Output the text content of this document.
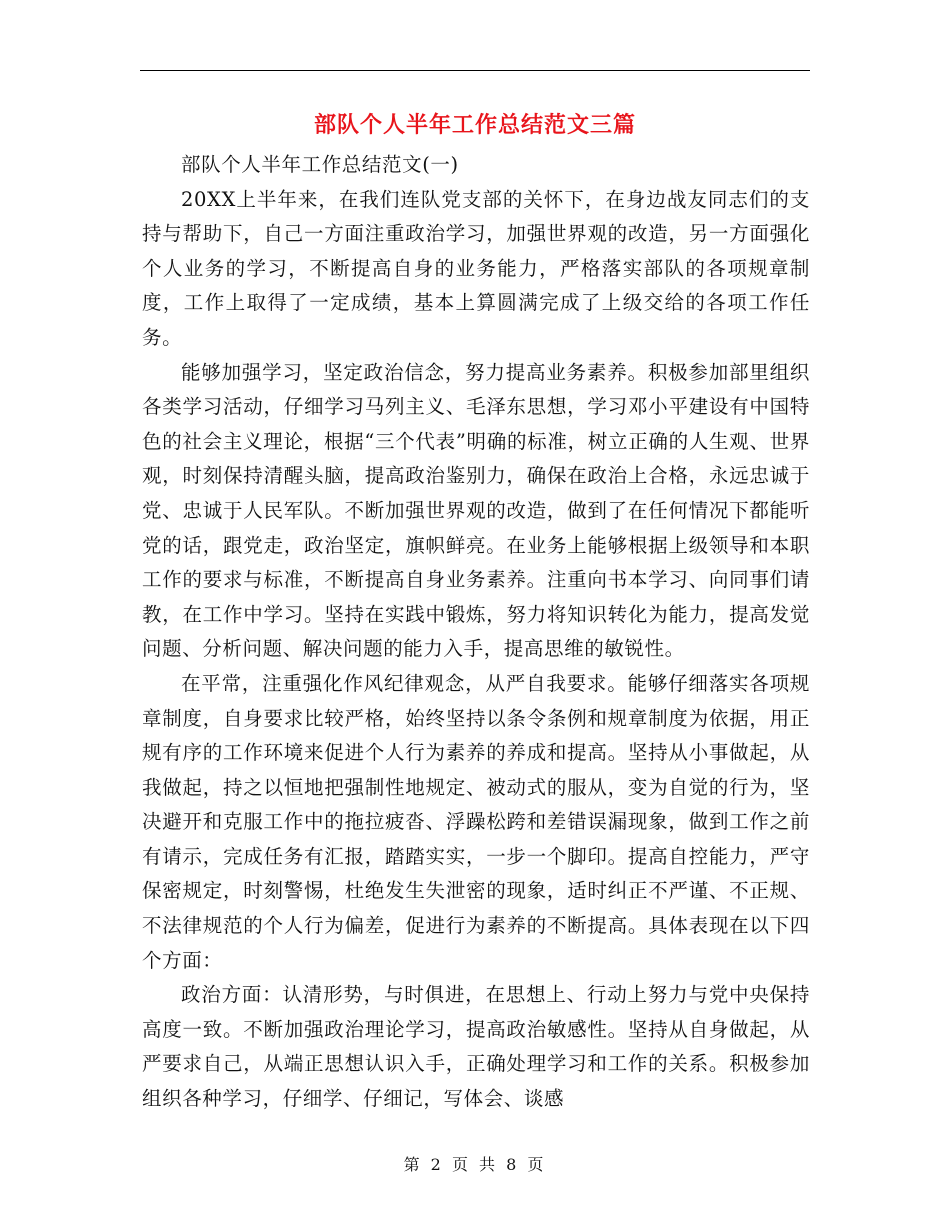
部队个人半年工作总结范文三篇

部队个人半年工作总结范文(一)

20XX上半年来，在我们连队党支部的关怀下，在身边战友同志们的支持与帮助下，自己一方面注重政治学习，加强世界观的改造，另一方面强化个人业务的学习，不断提高自身的业务能力，严格落实部队的各项规章制度，工作上取得了一定成绩，基本上算圆满完成了上级交给的各项工作任务。

能够加强学习，坚定政治信念，努力提高业务素养。积极参加部里组织各类学习活动，仔细学习马列主义、毛泽东思想，学习邓小平建设有中国特色的社会主义理论，根据“三个代表”明确的标准，树立正确的人生观、世界观，时刻保持清醒头脑，提高政治鉴别力，确保在政治上合格，永远忠诚于党、忠诚于人民军队。不断加强世界观的改造，做到了在任何情况下都能听党的话，跟党走，政治坚定，旗帜鲜亮。在业务上能够根据上级领导和本职工作的要求与标准，不断提高自身业务素养。注重向书本学习、向同事们请教，在工作中学习。坚持在实践中锻炼，努力将知识转化为能力，提高发觉问题、分析问题、解决问题的能力入手，提高思维的敏锐性。

在平常，注重强化作风纪律观念，从严自我要求。能够仔细落实各项规章制度，自身要求比较严格，始终坚持以条令条例和规章制度为依据，用正规有序的工作环境来促进个人行为素养的养成和提高。坚持从小事做起，从我做起，持之以恒地把强制性地规定、被动式的服从，变为自觉的行为，坚决避开和克服工作中的拖拉疲沓、浮躁松跨和差错误漏现象，做到工作之前有请示，完成任务有汇报，踏踏实实，一步一个脚印。提高自控能力，严守保密规定，时刻警惕，杜绝发生失泄密的现象，适时纠正不严谨、不正规、不法律规范的个人行为偏差，促进行为素养的不断提高。具体表现在以下四个方面：

政治方面：认清形势，与时俱进，在思想上、行动上努力与党中央保持高度一致。不断加强政治理论学习，提高政治敏感性。坚持从自身做起，从严要求自己，从端正思想认识入手，正确处理学习和工作的关系。积极参加组织各种学习，仔细学、仔细记，写体会、谈感

第 2 页 共 8 页
